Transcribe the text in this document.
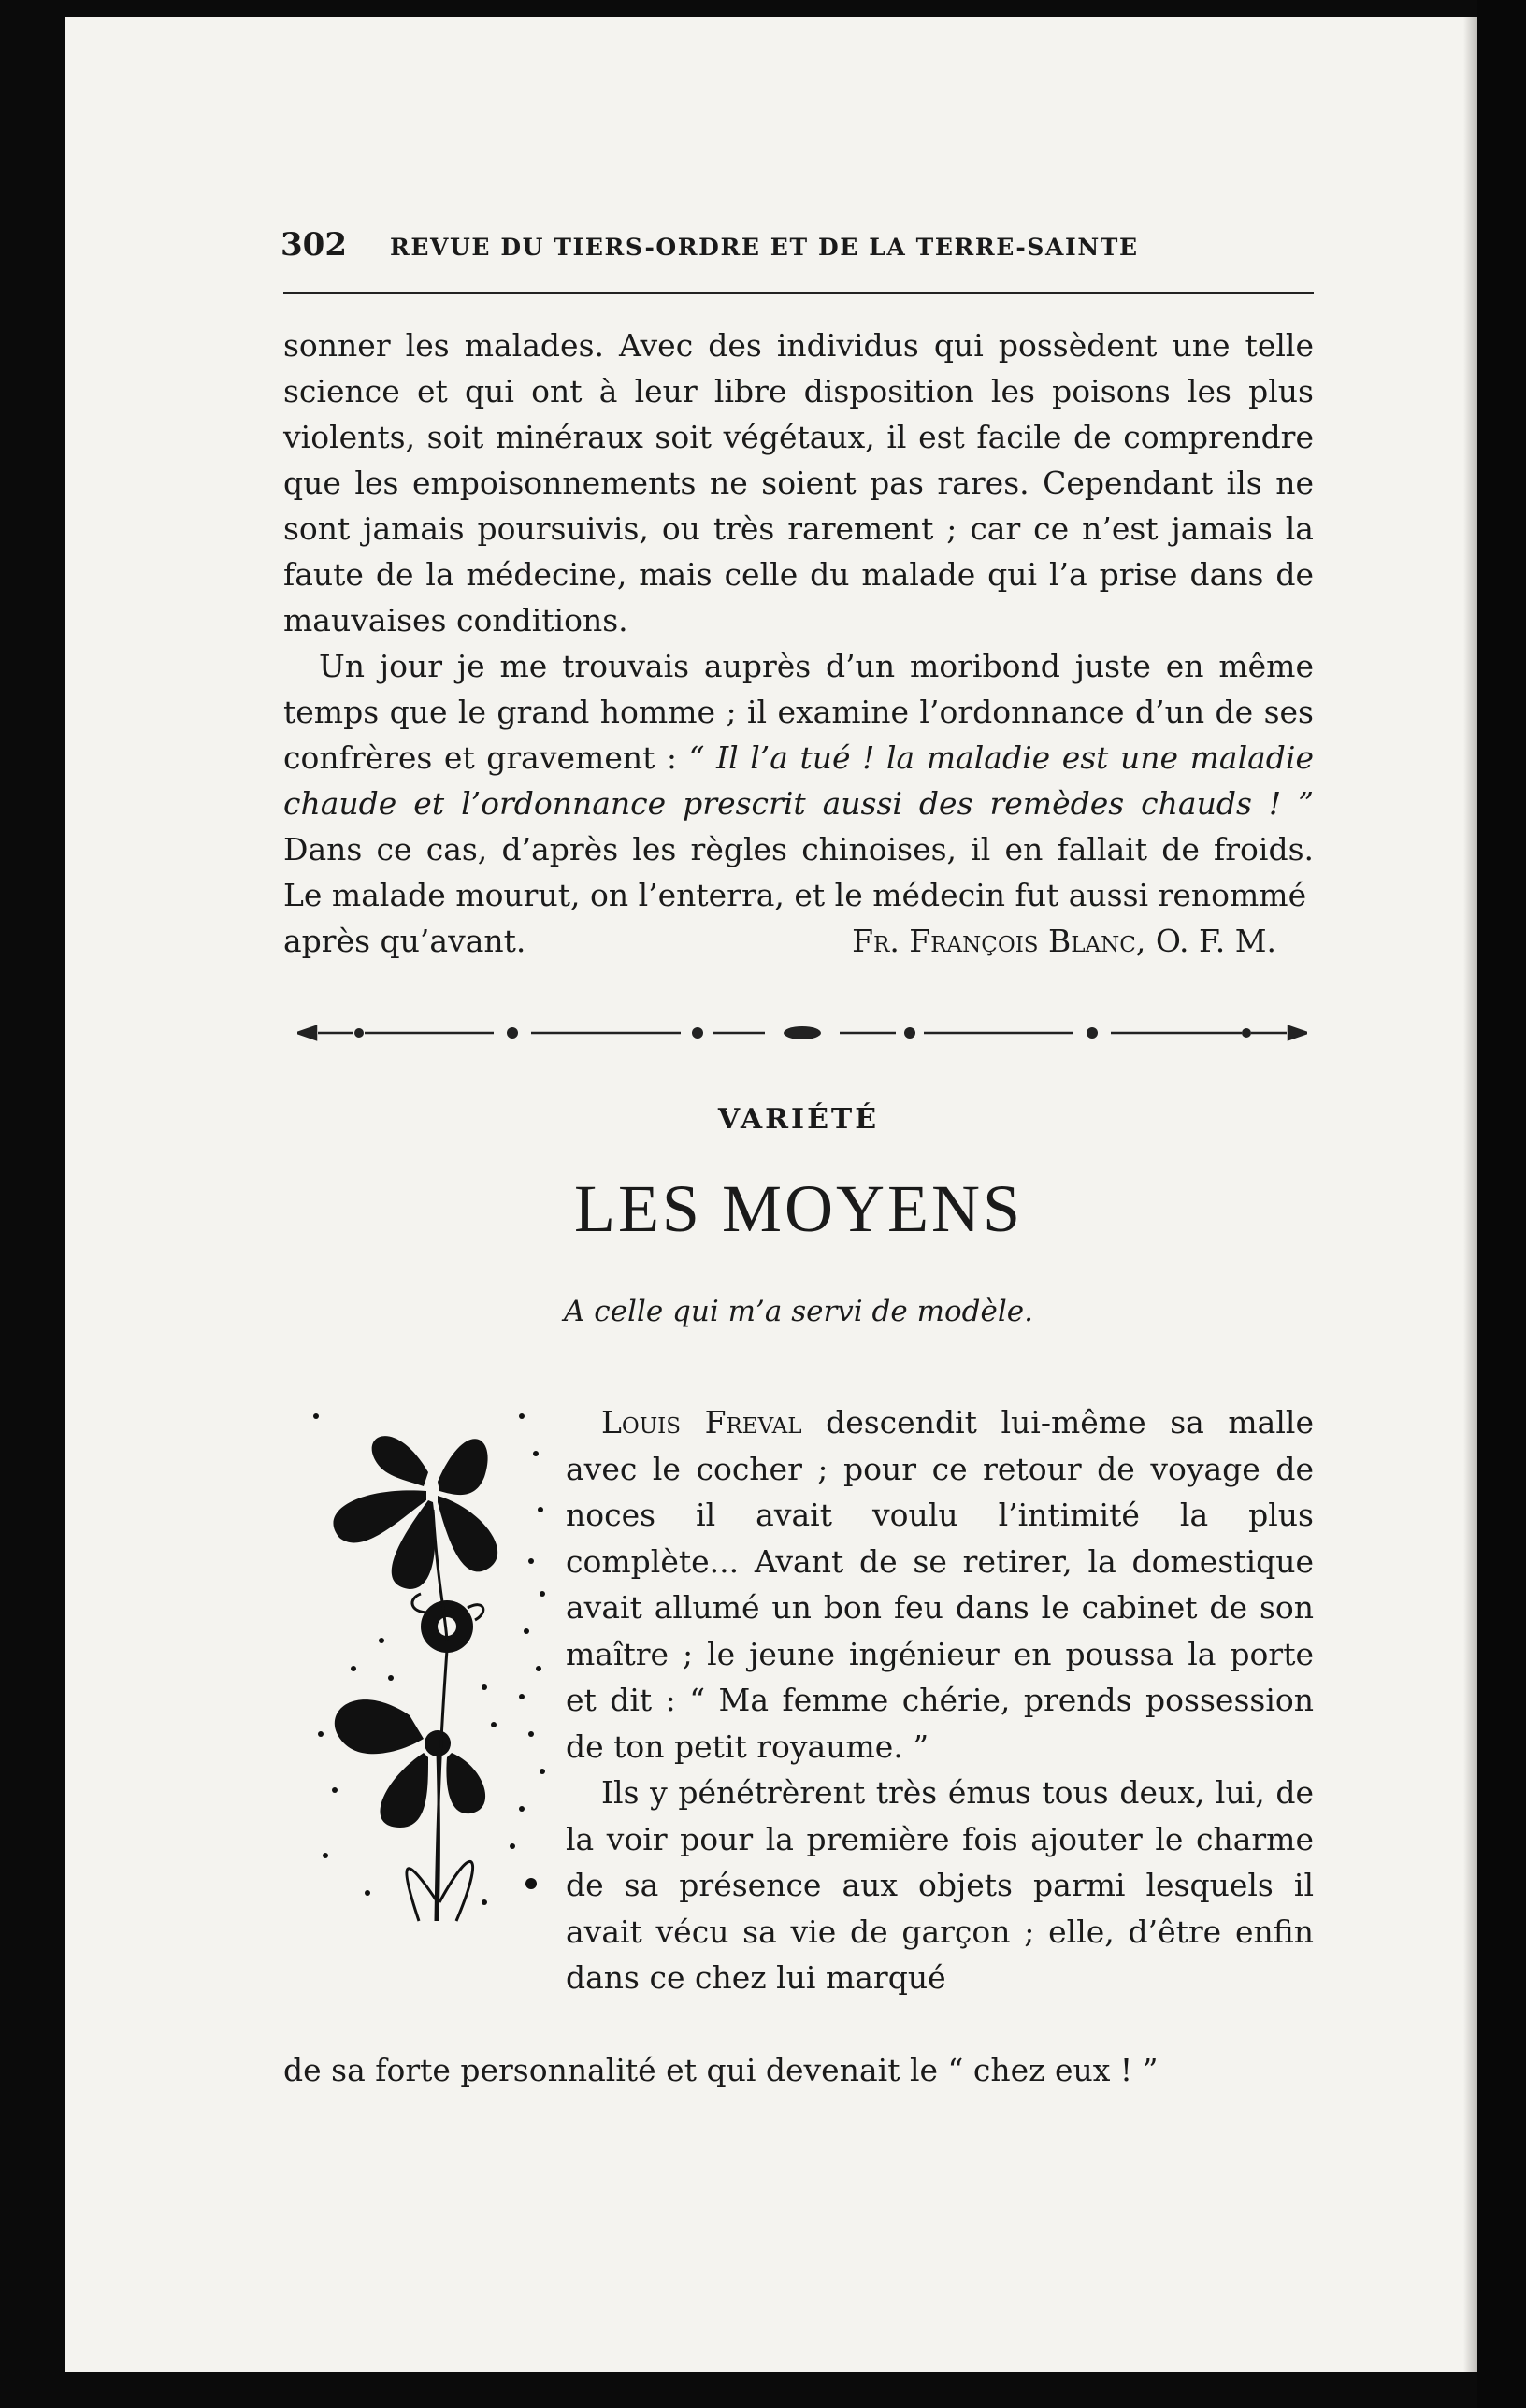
302 REVUE DU TIERS-ORDRE ET DE LA TERRE-SAINTE

sonner les malades. Avec des individus qui possèdent une telle science et qui ont à leur libre disposition les poisons les plus violents, soit minéraux soit végétaux, il est facile de comprendre que les empoisonnements ne soient pas rares. Cependant ils ne sont jamais poursuivis, ou très rarement ; car ce n’est jamais la faute de la médecine, mais celle du malade qui l’a prise dans de mauvaises conditions.

Un jour je me trouvais auprès d’un moribond juste en même temps que le grand homme ; il examine l’ordonnance d’un de ses confrères et gravement : “ Il l’a tué ! la maladie est une maladie chaude et l’ordonnance prescrit aussi des remèdes chauds ! ” Dans ce cas, d’après les règles chinoises, il en fallait de froids. Le malade mourut, on l’enterra, et le médecin fut aussi renommé

après qu’avant.	Fr. François Blanc, O. F. M.
VARIÉTÉ
LES MOYENS
A celle qui m’a servi de modèle.

Louis Freval descendit lui-même sa malle avec le cocher ; pour ce retour de voyage de noces il avait voulu l’intimité la plus complète... Avant de se retirer, la domestique avait allumé un bon feu dans le cabinet de son maître ; le jeune ingénieur en poussa la porte et dit : “ Ma femme chérie, prends possession de ton petit royaume. ”

Ils y pénétrèrent très émus tous deux, lui, de la voir pour la première fois ajouter le charme de sa présence aux objets parmi lesquels il avait vécu sa vie de garçon ; elle, d’être enfin dans ce chez lui marqué

de sa forte personnalité et qui devenait le “ chez eux ! ”
